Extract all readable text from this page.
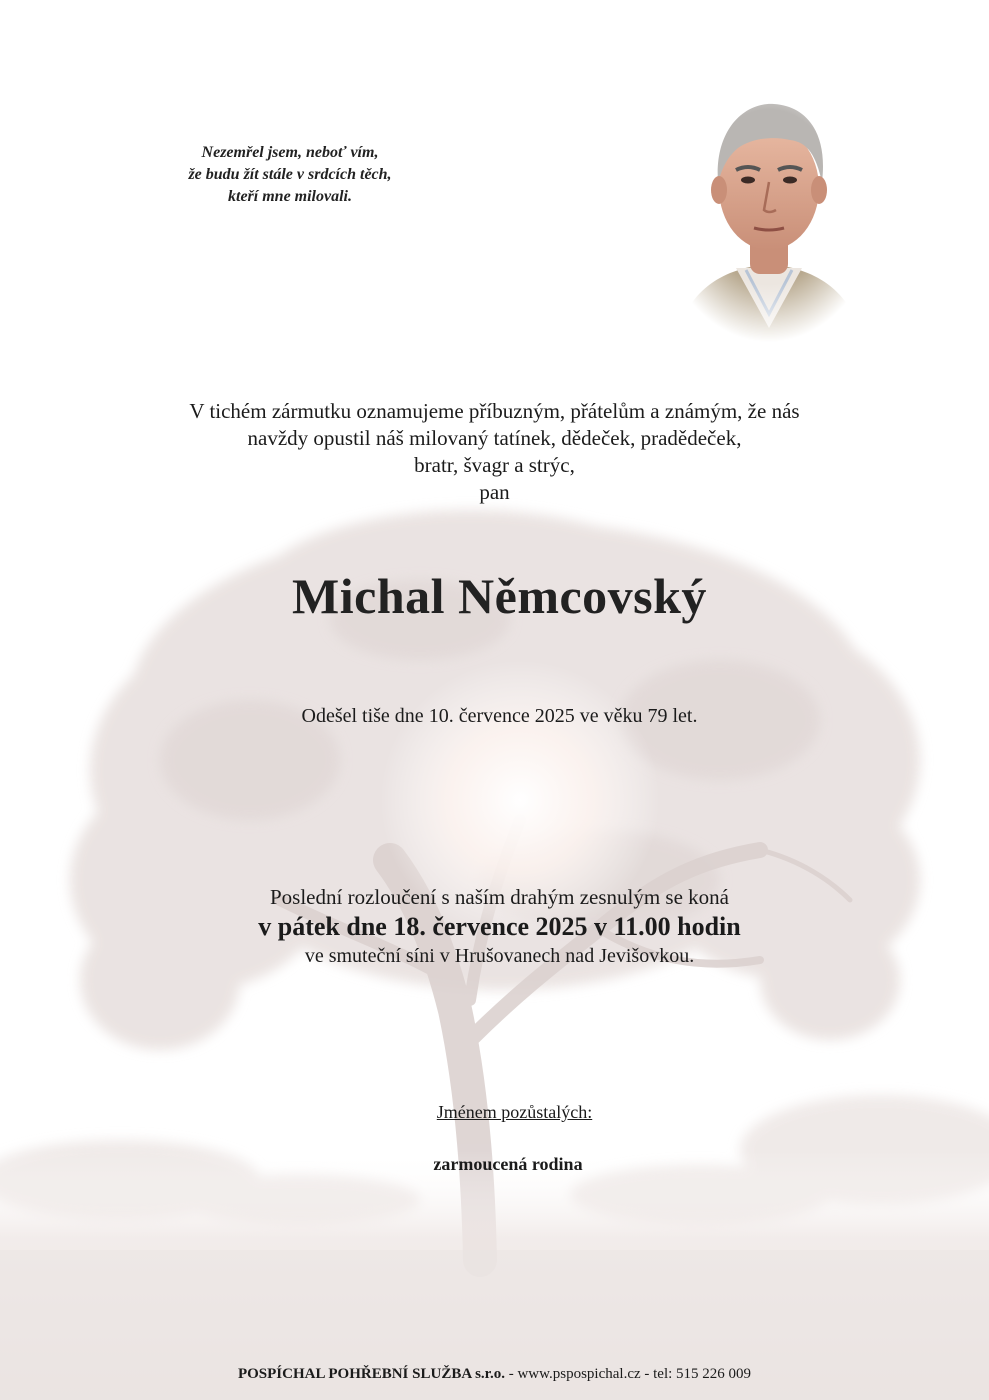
Nezemřel jsem, neboť vím,
že budu žít stále v srdcích těch,
kteří mne milovali.
V tichém zármutku oznamujeme příbuzným, přátelům a známým, že nás
navždy opustil náš milovaný tatínek, dědeček, pradědeček,
bratr, švagr a strýc,
pan
Michal Němcovský
Odešel tiše dne 10. července 2025 ve věku 79 let.
Poslední rozloučení s naším drahým zesnulým se koná
v pátek dne 18. července 2025 v 11.00 hodin
ve smuteční síni v Hrušovanech nad Jevišovkou.
Jménem pozůstalých:
zarmoucená rodina
POSPÍCHAL POHŘEBNÍ SLUŽBA s.r.o. - www.pspospichal.cz - tel: 515 226 009
